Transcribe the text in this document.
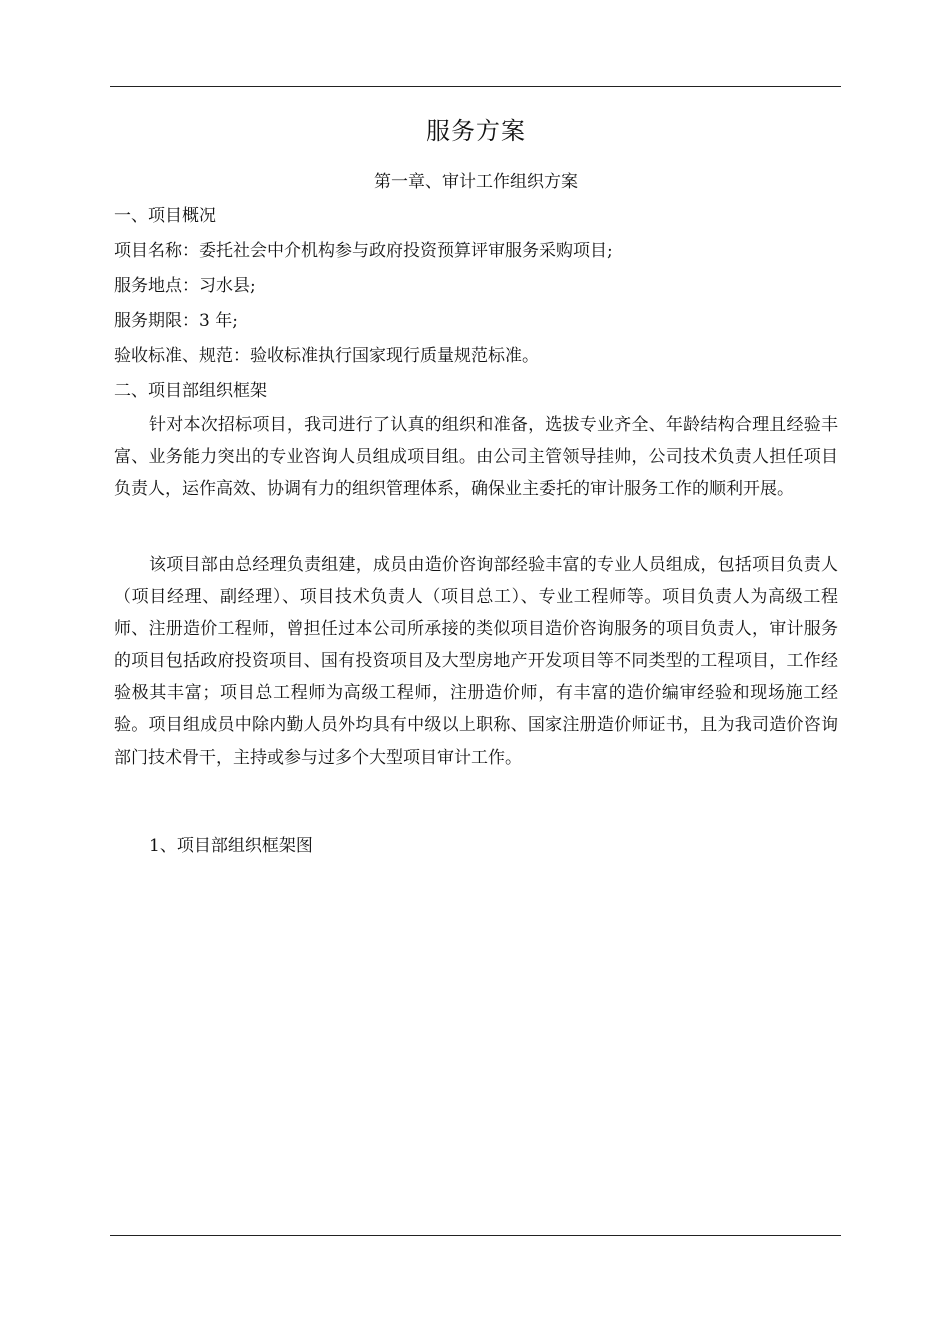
服务方案
第一章、审计工作组织方案
一、项目概况
项目名称：委托社会中介机构参与政府投资预算评审服务采购项目;
服务地点：习水县;
服务期限：3 年;
验收标准、规范：验收标准执行国家现行质量规范标准。
二、项目部组织框架
针对本次招标项目，我司进行了认真的组织和准备，选拔专业齐全、年龄结构合理且经验丰富、业务能力突出的专业咨询人员组成项目组。由公司主管领导挂帅，公司技术负责人担任项目负责人，运作高效、协调有力的组织管理体系，确保业主委托的审计服务工作的顺利开展。
该项目部由总经理负责组建，成员由造价咨询部经验丰富的专业人员组成，包括项目负责人（项目经理、副经理）、项目技术负责人（项目总工）、专业工程师等。项目负责人为高级工程师、注册造价工程师，曾担任过本公司所承接的类似项目造价咨询服务的项目负责人，审计服务的项目包括政府投资项目、国有投资项目及大型房地产开发项目等不同类型的工程项目，工作经验极其丰富；项目总工程师为高级工程师，注册造价师，有丰富的造价编审经验和现场施工经验。项目组成员中除内勤人员外均具有中级以上职称、国家注册造价师证书，且为我司造价咨询部门技术骨干，主持或参与过多个大型项目审计工作。
1、项目部组织框架图
